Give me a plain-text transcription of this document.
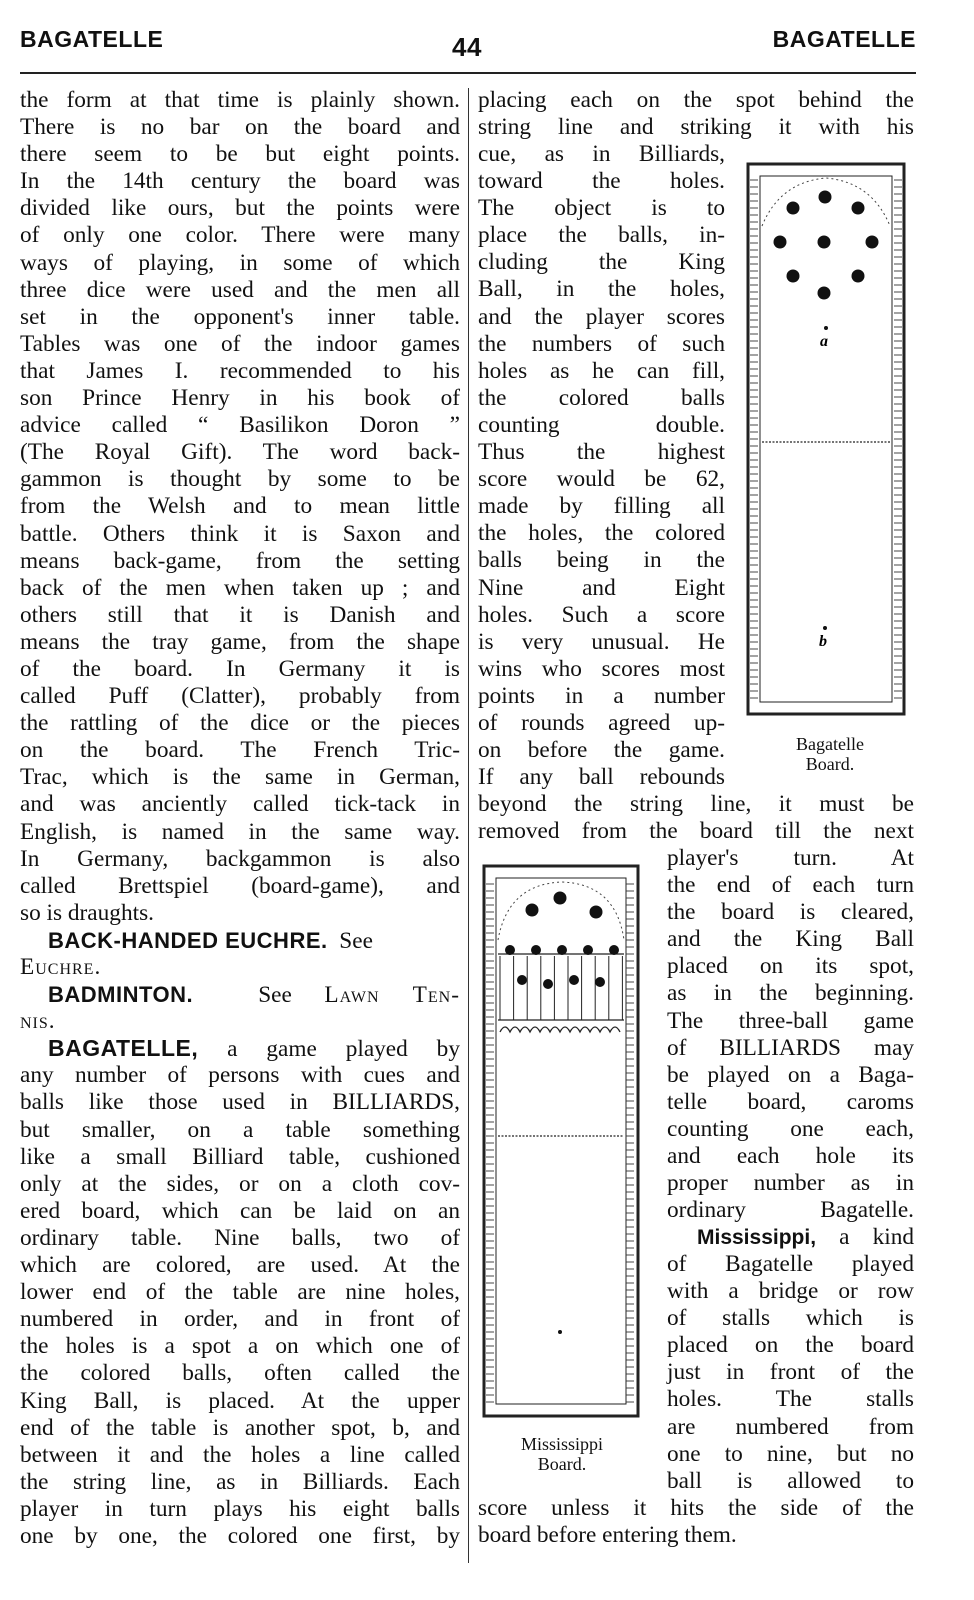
BAGATELLE	44	BAGATELLE
the form at that time is plainly shown.
There is no bar on the board and
there seem to be but eight points.
In the 14th century the board was
divided like ours, but the points were
of only one color. There were many
ways of playing, in some of which
three dice were used and the men all
set in the opponent's inner table.
Tables was one of the indoor games
that James I. recommended to his
son Prince Henry in his book of
advice called “ Basilikon Doron ”
(The Royal Gift). The word back-
gammon is thought by some to be
from the Welsh and to mean little
battle. Others think it is Saxon and
means back-game, from the setting
back of the men when taken up ; and
others still that it is Danish and
means the tray game, from the shape
of the board. In Germany it is
called Puff (Clatter), probably from
the rattling of the dice or the pieces
on the board. The French Tric-
Trac, which is the same in German,
and was anciently called tick-tack in
English, is named in the same way.
In Germany, backgammon is also
called Brettspiel (board-game), and
so is draughts.
BACK-HANDED EUCHRE. See
Euchre.
BADMINTON.	See Lawn Ten-
nis.
BAGATELLE, a game played by
any number of persons with cues and
balls like those used in BILLIARDS,
but smaller, on a table something
like a small Billiard table, cushioned
only at the sides, or on a cloth cov-
ered board, which can be laid on an
ordinary table. Nine balls, two of
which are colored, are used. At the
lower end of the table are nine holes,
numbered in order, and in front of
the holes is a spot a on which one of
the colored balls, often called the
King Ball, is placed. At the upper
end of the table is another spot, b, and
between it and the holes a line called
the string line, as in Billiards. Each
player in turn plays his eight balls
one by one, the colored one first, by
placing each on the spot behind the
string line and striking it with his
cue, as in Billiards,
toward the holes.
The object is to
place the balls, in-
cluding the King
Ball, in the holes,
and the player scores
the numbers of such
holes as he can fill,
the colored balls
counting double.
Thus the highest
score would be 62,
made by filling all
the holes, the colored
balls being in the
Nine and Eight
holes. Such a score
is very unusual. He
wins who scores most
points in a number
of rounds agreed up-
on before the game.
If any ball rebounds
beyond the string line, it must be
removed from the board till the next
player's turn. At
the end of each turn
the board is cleared,
and the King Ball
placed on its spot,
as in the beginning.
The three-ball game
of BILLIARDS may
be played on a Baga-
telle board, caroms
counting one each,
and each hole its
proper number as in
ordinary Bagatelle.
Mississippi, a kind
of Bagatelle played
with a bridge or row
of stalls which is
placed on the board
just in front of the
holes. The stalls
are numbered from
one to nine, but no
ball is allowed to
score unless it hits the side of the
board before entering them.
a
b
Bagatelle
Board.
Mississippi
Board.
